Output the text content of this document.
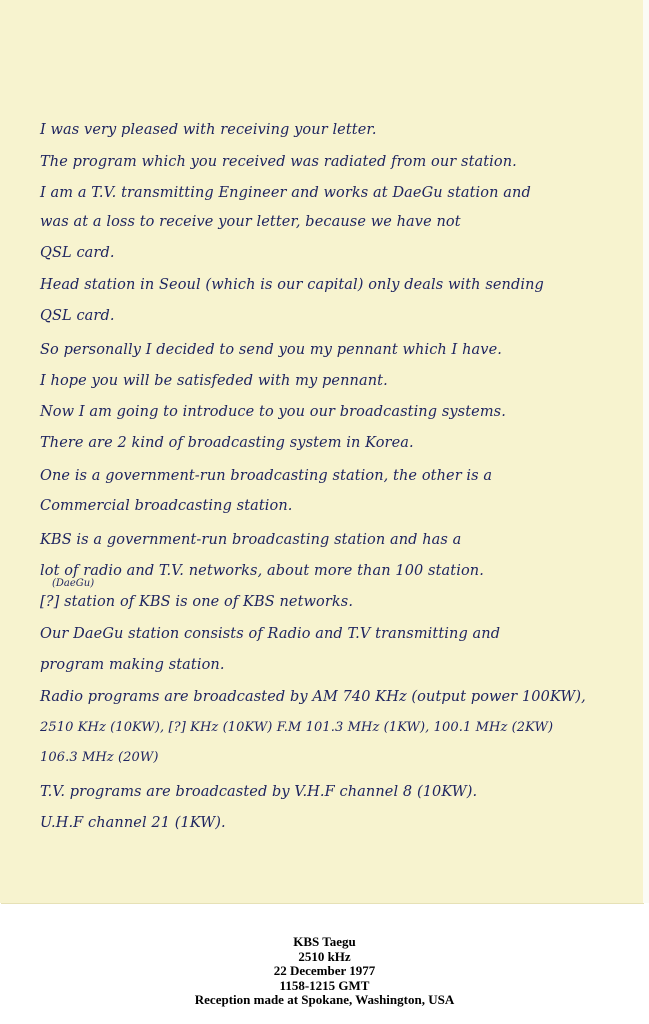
I was very pleased with receiving your letter.

The program which you received was radiated from our station.

I am a T.V. transmitting Engineer and works at DaeGu station and

was at a loss to receive your letter, because we have not

QSL card.

Head station in Seoul (which is our capital) only deals with sending

QSL card.

So personally I decided to send you my pennant which I have.

I hope you will be satisfeded with my pennant.

Now I am going to introduce to you our broadcasting systems.

There are 2 kind of broadcasting system in Korea.

One is a government-run broadcasting station, the other is a

Commercial broadcasting station.

KBS is a government-run broadcasting station and has a

lot of radio and T.V. networks, about more than 100 station.

(DaeGu)

[?] station of KBS is one of KBS networks.

Our DaeGu station consists of Radio and T.V transmitting and

program making station.

Radio programs are broadcasted by AM 740 KHz (output power 100KW),

2510 KHz (10KW), [?] KHz (10KW) F.M 101.3 MHz (1KW), 100.1 MHz (2KW)

106.3 MHz (20W)

T.V. programs are broadcasted by V.H.F channel 8 (10KW).

U.H.F channel 21 (1KW).

KBS Taegu
2510 kHz
22 December 1977
1158-1215 GMT
Reception made at Spokane, Washington, USA
